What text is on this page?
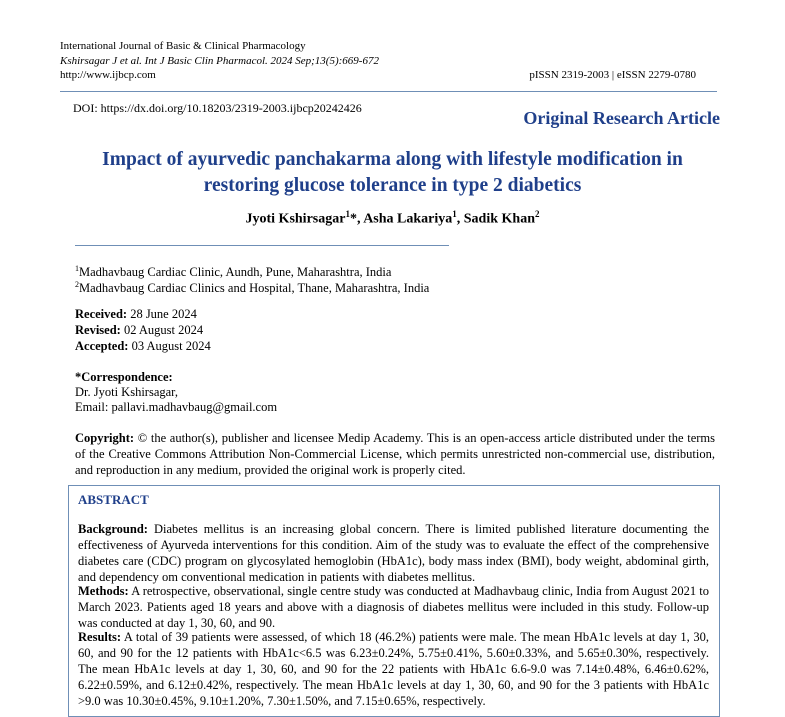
International Journal of Basic & Clinical Pharmacology
Kshirsagar J et al. Int J Basic Clin Pharmacol. 2024 Sep;13(5):669-672
http://www.ijbcp.com	pISSN 2319-2003 | eISSN 2279-0780
DOI: https://dx.doi.org/10.18203/2319-2003.ijbcp20242426	Original Research Article
Impact of ayurvedic panchakarma along with lifestyle modification in
restoring glucose tolerance in type 2 diabetics
Jyoti Kshirsagar$^1$*, Asha Lakariya$^1$, Sadik Khan$^2$
$^1$Madhavbaug Cardiac Clinic, Aundh, Pune, Maharashtra, India
$^2$Madhavbaug Cardiac Clinics and Hospital, Thane, Maharashtra, India
Received: 28 June 2024
Revised: 02 August 2024
Accepted: 03 August 2024
*Correspondence:
Dr. Jyoti Kshirsagar,
Email: pallavi.madhavbaug@gmail.com
Copyright: © the author(s), publisher and licensee Medip Academy. This is an open-access article distributed under the terms of the Creative Commons Attribution Non-Commercial License, which permits unrestricted non-commercial use, distribution, and reproduction in any medium, provided the original work is properly cited.
ABSTRACT
Background: Diabetes mellitus is an increasing global concern. There is limited published literature documenting the effectiveness of Ayurveda interventions for this condition. Aim of the study was to evaluate the effect of the comprehensive diabetes care (CDC) program on glycosylated hemoglobin (HbA1c), body mass index (BMI), body weight, abdominal girth, and dependency om conventional medication in patients with diabetes mellitus.
Methods: A retrospective, observational, single centre study was conducted at Madhavbaug clinic, India from August 2021 to March 2023. Patients aged 18 years and above with a diagnosis of diabetes mellitus were included in this study. Follow-up was conducted at day 1, 30, 60, and 90.
Results: A total of 39 patients were assessed, of which 18 (46.2%) patients were male. The mean HbA1c levels at day 1, 30, 60, and 90 for the 12 patients with HbA1c<6.5 was 6.23±0.24%, 5.75±0.41%, 5.60±0.33%, and 5.65±0.30%, respectively. The mean HbA1c levels at day 1, 30, 60, and 90 for the 22 patients with HbA1c 6.6-9.0 was 7.14±0.48%, 6.46±0.62%, 6.22±0.59%, and 6.12±0.42%, respectively. The mean HbA1c levels at day 1, 30, 60, and 90 for the 3 patients with HbA1c >9.0 was 10.30±0.45%, 9.10±1.20%, 7.30±1.50%, and 7.15±0.65%, respectively.
